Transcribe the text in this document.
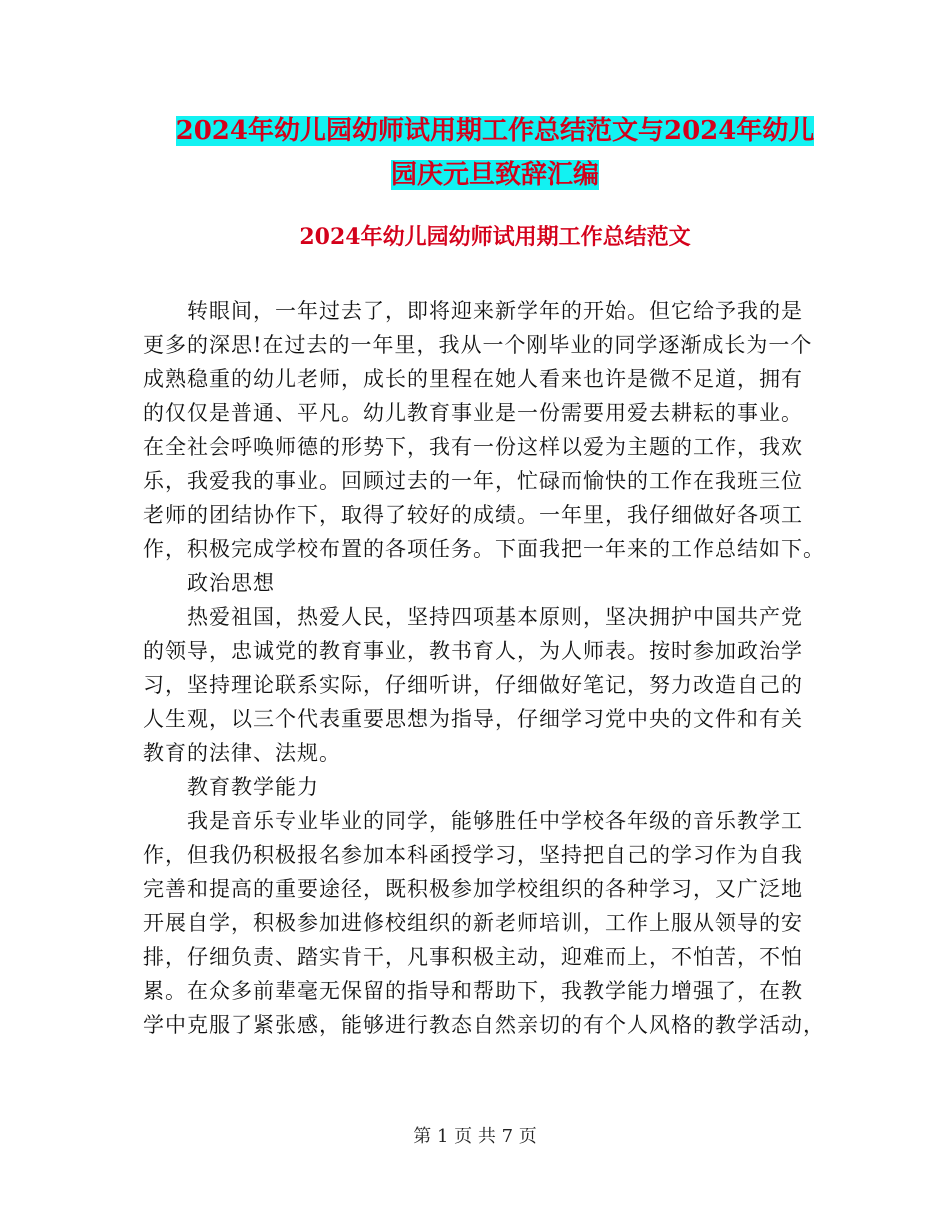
2024年幼儿园幼师试用期工作总结范文与2024年幼儿
园庆元旦致辞汇编
2024年幼儿园幼师试用期工作总结范文
转眼间，一年过去了，即将迎来新学年的开始。但它给予我的是
更多的深思!在过去的一年里，我从一个刚毕业的同学逐渐成长为一个
成熟稳重的幼儿老师，成长的里程在她人看来也许是微不足道，拥有
的仅仅是普通、平凡。幼儿教育事业是一份需要用爱去耕耘的事业。
在全社会呼唤师德的形势下，我有一份这样以爱为主题的工作，我欢
乐，我爱我的事业。回顾过去的一年，忙碌而愉快的工作在我班三位
老师的团结协作下，取得了较好的成绩。一年里，我仔细做好各项工
作，积极完成学校布置的各项任务。下面我把一年来的工作总结如下。
政治思想
热爱祖国，热爱人民，坚持四项基本原则，坚决拥护中国共产党
的领导，忠诚党的教育事业，教书育人，为人师表。按时参加政治学
习，坚持理论联系实际，仔细听讲，仔细做好笔记，努力改造自己的
人生观，以三个代表重要思想为指导，仔细学习党中央的文件和有关
教育的法律、法规。
教育教学能力
我是音乐专业毕业的同学，能够胜任中学校各年级的音乐教学工
作，但我仍积极报名参加本科函授学习，坚持把自己的学习作为自我
完善和提高的重要途径，既积极参加学校组织的各种学习，又广泛地
开展自学，积极参加进修校组织的新老师培训，工作上服从领导的安
排，仔细负责、踏实肯干，凡事积极主动，迎难而上，不怕苦，不怕
累。在众多前辈毫无保留的指导和帮助下，我教学能力增强了，在教
学中克服了紧张感，能够进行教态自然亲切的有个人风格的教学活动，
第 1 页 共 7 页
